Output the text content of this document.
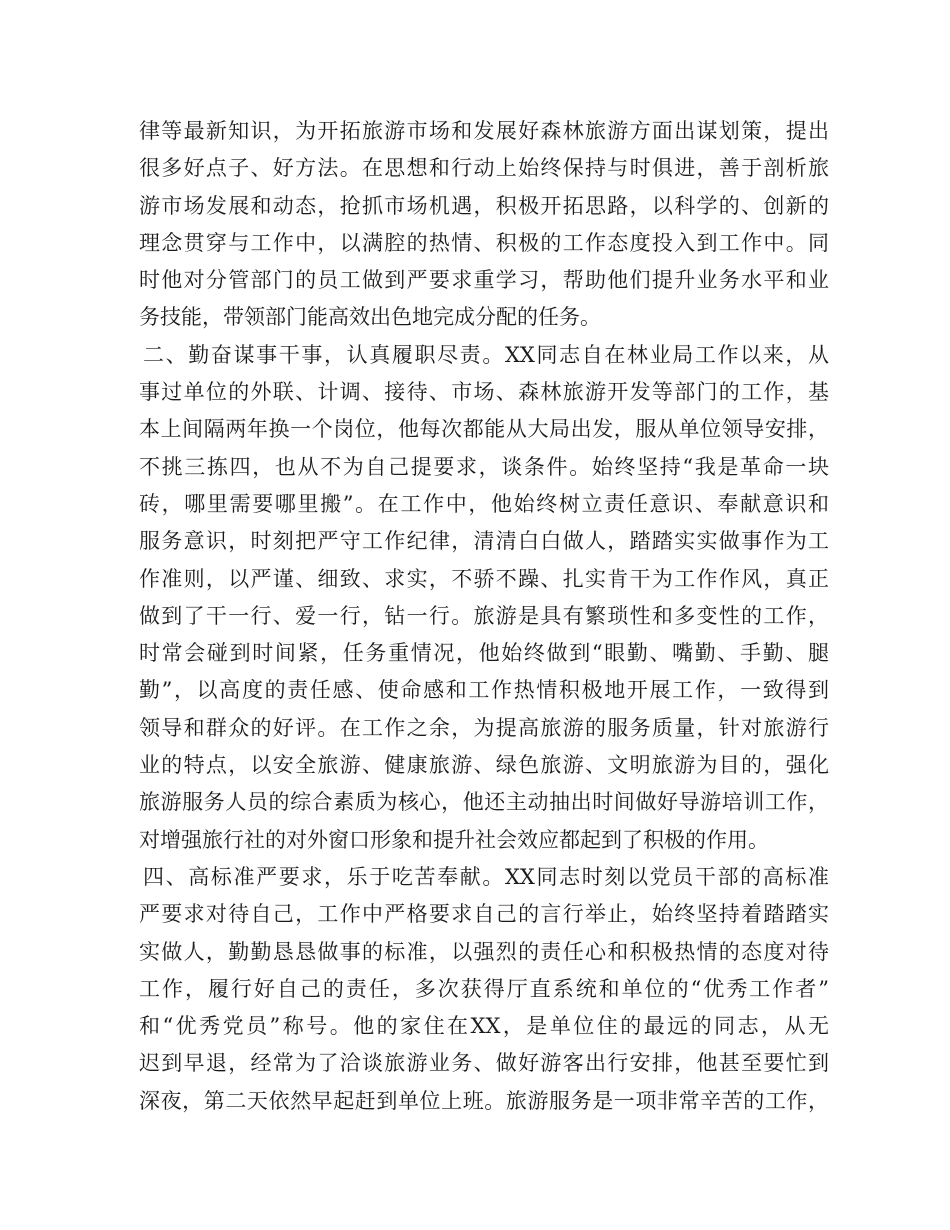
律等最新知识，为开拓旅游市场和发展好森林旅游方面出谋划策，提出
很多好点子、好方法。在思想和行动上始终保持与时俱进，善于剖析旅
游市场发展和动态，抢抓市场机遇，积极开拓思路，以科学的、创新的
理念贯穿与工作中，以满腔的热情、积极的工作态度投入到工作中。同
时他对分管部门的员工做到严要求重学习，帮助他们提升业务水平和业
务技能，带领部门能高效出色地完成分配的任务。
二、勤奋谋事干事，认真履职尽责。XX同志自在林业局工作以来，从
事过单位的外联、计调、接待、市场、森林旅游开发等部门的工作，基
本上间隔两年换一个岗位，他每次都能从大局出发，服从单位领导安排，
不挑三拣四，也从不为自己提要求，谈条件。始终坚持“我是革命一块
砖，哪里需要哪里搬”。在工作中，他始终树立责任意识、奉献意识和
服务意识，时刻把严守工作纪律，清清白白做人，踏踏实实做事作为工
作准则，以严谨、细致、求实，不骄不躁、扎实肯干为工作作风，真正
做到了干一行、爱一行，钻一行。旅游是具有繁琐性和多变性的工作，
时常会碰到时间紧，任务重情况，他始终做到“眼勤、嘴勤、手勤、腿
勤”，以高度的责任感、使命感和工作热情积极地开展工作，一致得到
领导和群众的好评。在工作之余，为提高旅游的服务质量，针对旅游行
业的特点，以安全旅游、健康旅游、绿色旅游、文明旅游为目的，强化
旅游服务人员的综合素质为核心，他还主动抽出时间做好导游培训工作，
对增强旅行社的对外窗口形象和提升社会效应都起到了积极的作用。
四、高标准严要求，乐于吃苦奉献。XX同志时刻以党员干部的高标准
严要求对待自己，工作中严格要求自己的言行举止，始终坚持着踏踏实
实做人，勤勤恳恳做事的标准，以强烈的责任心和积极热情的态度对待
工作，履行好自己的责任，多次获得厅直系统和单位的“优秀工作者”
和“优秀党员”称号。他的家住在XX，是单位住的最远的同志，从无
迟到早退，经常为了洽谈旅游业务、做好游客出行安排，他甚至要忙到
深夜，第二天依然早起赶到单位上班。旅游服务是一项非常辛苦的工作，
